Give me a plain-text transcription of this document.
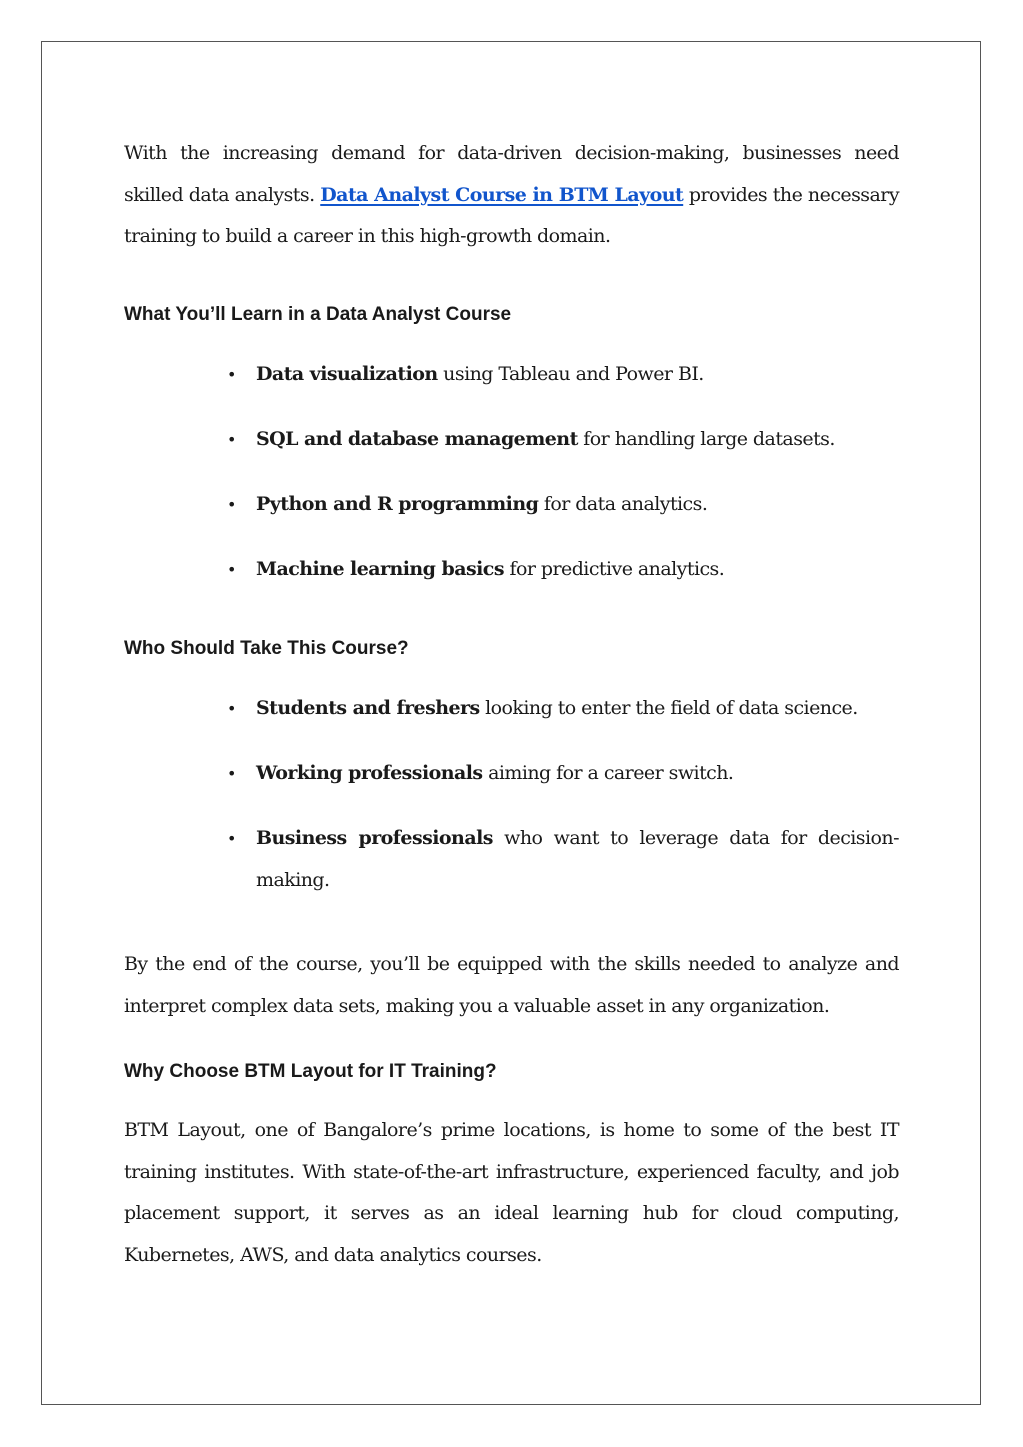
With the increasing demand for data-driven decision-making, businesses need skilled data analysts. Data Analyst Course in BTM Layout provides the necessary training to build a career in this high-growth domain.

What You’ll Learn in a Data Analyst Course
• Data visualization using Tableau and Power BI.
• SQL and database management for handling large datasets.
• Python and R programming for data analytics.
• Machine learning basics for predictive analytics.
Who Should Take This Course?
• Students and freshers looking to enter the field of data science.
• Working professionals aiming for a career switch.
• Business professionals who want to leverage data for decision-making.

By the end of the course, you’ll be equipped with the skills needed to analyze and interpret complex data sets, making you a valuable asset in any organization.

Why Choose BTM Layout for IT Training?

BTM Layout, one of Bangalore’s prime locations, is home to some of the best IT training institutes. With state-of-the-art infrastructure, experienced faculty, and job placement support, it serves as an ideal learning hub for cloud computing, Kubernetes, AWS, and data analytics courses.
